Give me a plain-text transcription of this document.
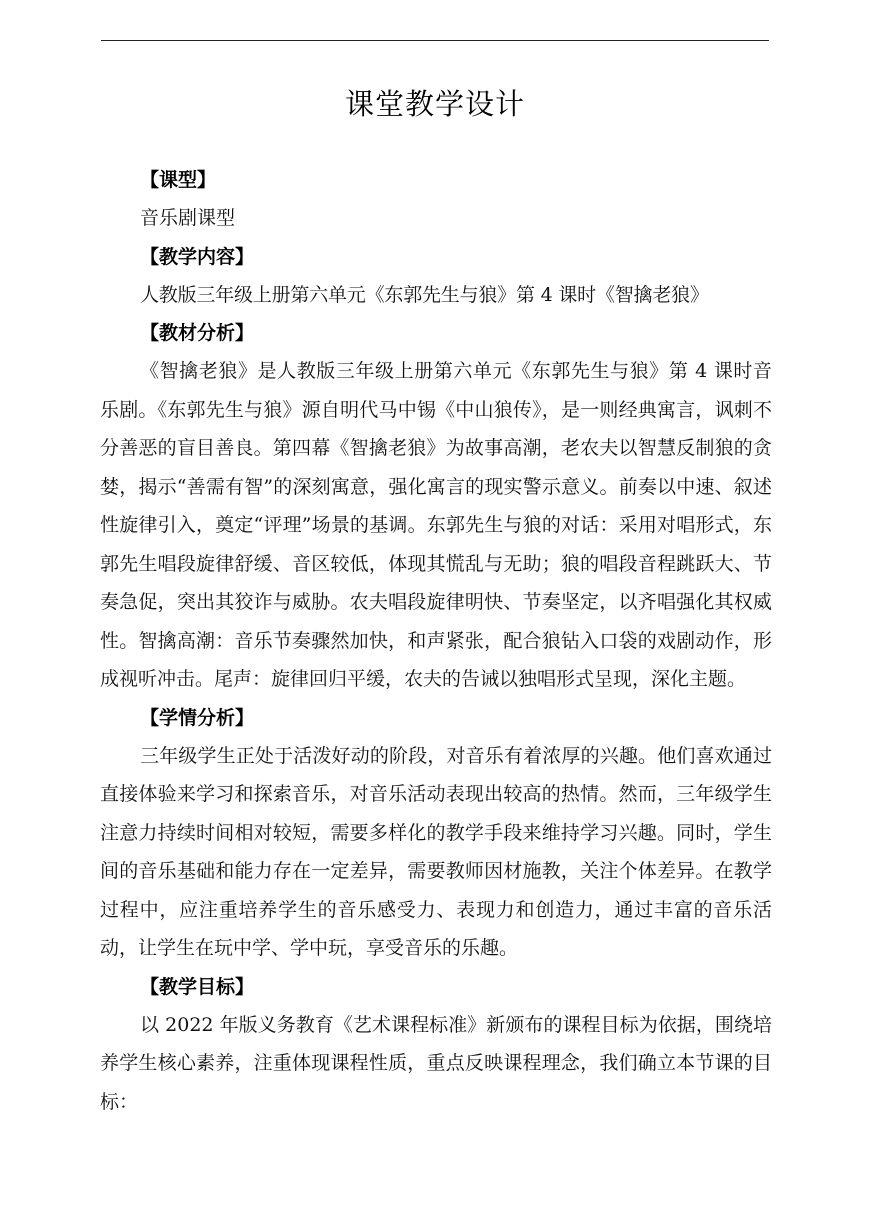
课堂教学设计
【课型】

音乐剧课型

【教学内容】

人教版三年级上册第六单元《东郭先生与狼》第 4 课时《智擒老狼》

【教材分析】

《智擒老狼》是人教版三年级上册第六单元《东郭先生与狼》第 4 课时音乐剧。《东郭先生与狼》源自明代马中锡《中山狼传》，是一则经典寓言，讽刺不分善恶的盲目善良。第四幕《智擒老狼》为故事高潮，老农夫以智慧反制狼的贪婪，揭示“善需有智”的深刻寓意，强化寓言的现实警示意义。前奏以中速、叙述性旋律引入，奠定“评理”场景的基调。东郭先生与狼的对话：采用对唱形式，东郭先生唱段旋律舒缓、音区较低，体现其慌乱与无助；狼的唱段音程跳跃大、节奏急促，突出其狡诈与威胁。农夫唱段旋律明快、节奏坚定，以齐唱强化其权威性。智擒高潮：音乐节奏骤然加快，和声紧张，配合狼钻入口袋的戏剧动作，形成视听冲击。尾声：旋律回归平缓，农夫的告诫以独唱形式呈现，深化主题。

【学情分析】

三年级学生正处于活泼好动的阶段，对音乐有着浓厚的兴趣。他们喜欢通过直接体验来学习和探索音乐，对音乐活动表现出较高的热情。然而，三年级学生注意力持续时间相对较短，需要多样化的教学手段来维持学习兴趣。同时，学生间的音乐基础和能力存在一定差异，需要教师因材施教，关注个体差异。在教学过程中，应注重培养学生的音乐感受力、表现力和创造力，通过丰富的音乐活动，让学生在玩中学、学中玩，享受音乐的乐趣。

【教学目标】

以 2022 年版义务教育《艺术课程标准》新颁布的课程目标为依据，围绕培养学生核心素养，注重体现课程性质，重点反映课程理念，我们确立本节课的目标：
